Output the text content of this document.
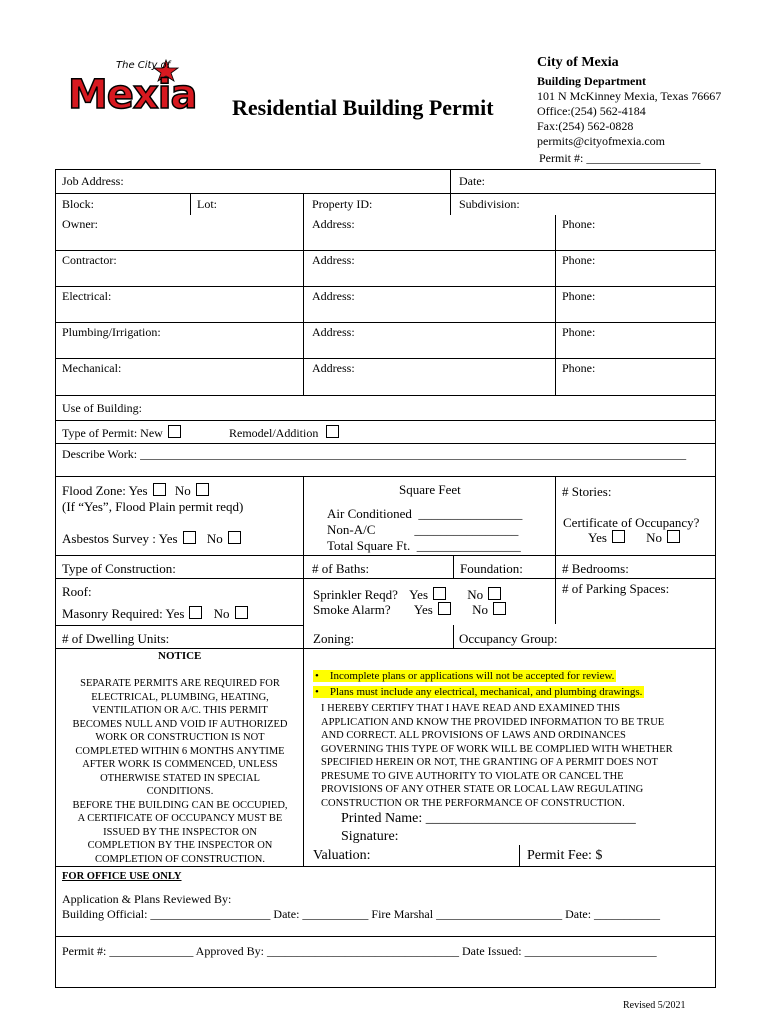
The City of
Mexia Residential Building Permit
City of Mexia
Building Department
101 N McKinney Mexia, Texas 76667
Office:(254) 562-4184
Fax:(254) 562-0828
permits@cityofmexia.com
Permit #: ___________________
Job Address:	Date:
Block:	Lot:	Property ID:	Subdivision:
Owner:	Address:	Phone:
Contractor:	Address:	Phone:
Electrical:	Address:	Phone:
Plumbing/Irrigation:	Address:	Phone:
Mechanical:	Address:	Phone:
Use of Building:
Type of Permit: New	Remodel/Addition
Describe Work: ___________________________________________________________________________________________
Flood Zone: Yes No
(If “Yes”, Flood Plain permit reqd)
Asbestos Survey : Yes No
Square Feet
Air Conditioned  ________________
Non-A/C            ________________
Total Square Ft.  ________________
# Stories:
Certificate of Occupancy?
Yes	No
Type of Construction:	# of Baths:	Foundation:	# Bedrooms:
Roof:	Sprinkler Reqd? Yes	No
Smoke Alarm? Yes	No
# of Parking Spaces:
Masonry Required: Yes No
# of Dwelling Units:	Zoning:	Occupancy Group:
NOTICE

SEPARATE PERMITS ARE REQUIRED FOR

ELECTRICAL, PLUMBING, HEATING,

VENTILATION OR A/C. THIS PERMIT

BECOMES NULL AND VOID IF AUTHORIZED

WORK OR CONSTRUCTION IS NOT

COMPLETED WITHIN 6 MONTHS ANYTIME

AFTER WORK IS COMMENCED, UNLESS

OTHERWISE STATED IN SPECIAL

CONDITIONS.

BEFORE THE BUILDING CAN BE OCCUPIED,

A CERTIFICATE OF OCCUPANCY MUST BE

ISSUED BY THE INSPECTOR ON

COMPLETION BY THE INSPECTOR ON

COMPLETION OF CONSTRUCTION.

•    Incomplete plans or applications will not be accepted for review.
•    Plans must include any electrical, mechanical, and plumbing drawings.
I HEREBY CERTIFY THAT I HAVE READ AND EXAMINED THIS
APPLICATION AND KNOW THE PROVIDED INFORMATION TO BE TRUE
AND CORRECT. ALL PROVISIONS OF LAWS AND ORDINANCES
GOVERNING THIS TYPE OF WORK WILL BE COMPLIED WITH WHETHER
SPECIFIED HEREIN OR NOT, THE GRANTING OF A PERMIT DOES NOT
PRESUME TO GIVE AUTHORITY TO VIOLATE OR CANCEL THE
PROVISIONS OF ANY OTHER STATE OR LOCAL LAW REGULATING
CONSTRUCTION OR THE PERFORMANCE OF CONSTRUCTION.
Printed Name: ______________________________
Signature:
Valuation:	Permit Fee: $
FOR OFFICE USE ONLY
Application & Plans Reviewed By:
Building Official: ____________________ Date: ___________ Fire Marshal _____________________ Date: ___________
Permit #: ______________ Approved By: ________________________________ Date Issued: ______________________
Revised 5/2021
